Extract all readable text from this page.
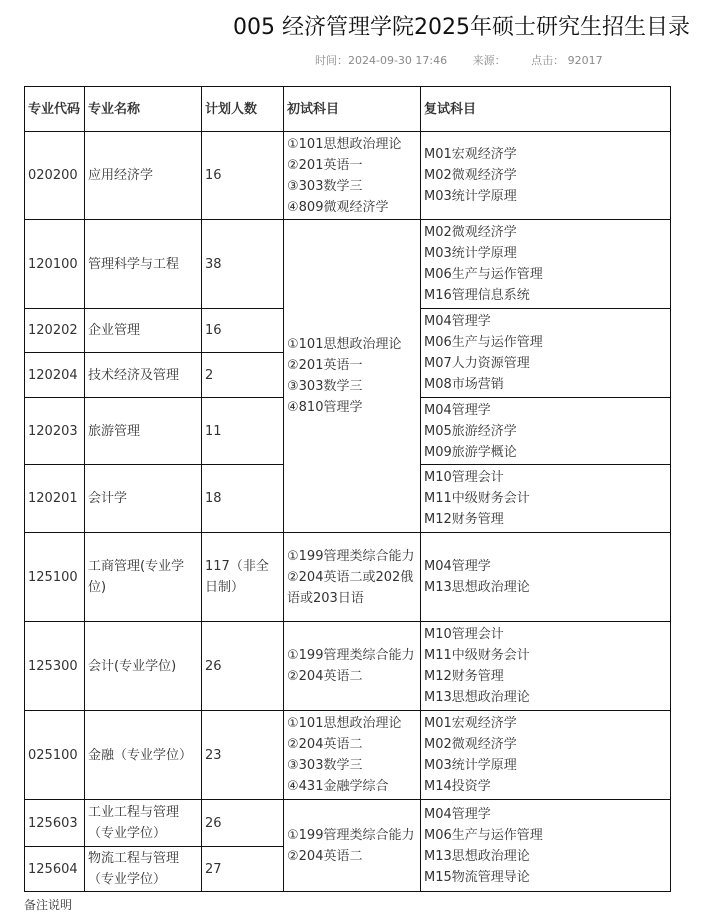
005 经济管理学院2025年硕士研究生招生目录
时间：2024-09-30 17:46 来源： 点击： 92017
专业代码	专业名称	计划人数	初试科目	复试科目
020200	应用经济学	16	①101思想政治理论
②201英语一
③303数学三
④809微观经济学	M01宏观经济学
M02微观经济学
M03统计学原理

120100	管理科学与工程	38	①101思想政治理论
②201英语一
③303数学三
④810管理学	M02微观经济学
M03统计学原理
M06生产与运作管理
M16管理信息系统

120202	企业管理	16		M04管理学
M06生产与运作管理
M07人力资源管理
M08市场营销

120204	技术经济及管理	2		
120203	旅游管理	11		M04管理学
M05旅游经济学
M09旅游学概论

120201	会计学	18		M10管理会计
M11中级财务会计
M12财务管理

125100	工商管理(专业学位)	117（非全日制）	①199管理类综合能力
②204英语二或202俄语或203日语	M04管理学
M13思想政治理论

125300	会计(专业学位)	26	①199管理类综合能力
②204英语二	M10管理会计
M11中级财务会计
M12财务管理
M13思想政治理论

025100	金融（专业学位）	23	①101思想政治理论
②204英语二
③303数学三
④431金融学综合	M01宏观经济学
M02微观经济学
M03统计学原理
M14投资学

125603	工业工程与管理（专业学位）	26	①199管理类综合能力
②204英语二	M04管理学
M06生产与运作管理
M13思想政治理论
M15物流管理导论

125604	物流工程与管理（专业学位）	27		
备注说明
